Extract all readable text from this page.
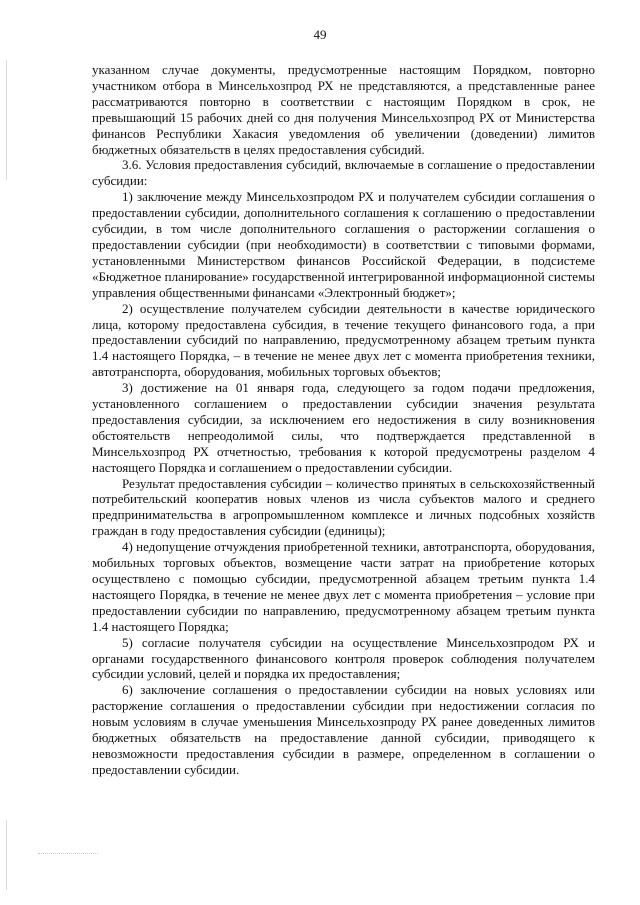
49

указанном случае документы, предусмотренные настоящим Порядком, повторно участником отбора в Минсельхозпрод РХ не представляются, а представленные ранее рассматриваются повторно в соответствии с настоящим Порядком в срок, не превышающий 15 рабочих дней со дня получения Минсельхозпрод РХ от Министерства финансов Республики Хакасия уведомления об увеличении (доведении) лимитов бюджетных обязательств в целях предоставления субсидий.

3.6. Условия предоставления субсидий, включаемые в соглашение о предоставлении субсидии:

1) заключение между Минсельхозпродом РХ и получателем субсидии соглашения о предоставлении субсидии, дополнительного соглашения к соглашению о предоставлении субсидии, в том числе дополнительного соглашения о расторжении соглашения о предоставлении субсидии (при необходимости) в соответствии с типовыми формами, установленными Министерством финансов Российской Федерации, в подсистеме «Бюджетное планирование» государственной интегрированной информационной системы управления общественными финансами «Электронный бюджет»;

2) осуществление получателем субсидии деятельности в качестве юридического лица, которому предоставлена субсидия, в течение текущего финансового года, а при предоставлении субсидий по направлению, предусмотренному абзацем третьим пункта 1.4 настоящего Порядка, – в течение не менее двух лет с момента приобретения техники, автотранспорта, оборудования, мобильных торговых объектов;

3) достижение на 01 января года, следующего за годом подачи предложения, установленного соглашением о предоставлении субсидии значения результата предоставления субсидии, за исключением его недостижения в силу возникновения обстоятельств непреодолимой силы, что подтверждается представленной в Минсельхозпрод РХ отчетностью, требования к которой предусмотрены разделом 4 настоящего Порядка и соглашением о предоставлении субсидии.

Результат предоставления субсидии – количество принятых в сельскохозяйственный потребительский кооператив новых членов из числа субъектов малого и среднего предпринимательства в агропромышленном комплексе и личных подсобных хозяйств граждан в году предоставления субсидии (единицы);

4) недопущение отчуждения приобретенной техники, автотранспорта, оборудования, мобильных торговых объектов, возмещение части затрат на приобретение которых осуществлено с помощью субсидии, предусмотренной абзацем третьим пункта 1.4 настоящего Порядка, в течение не менее двух лет с момента приобретения – условие при предоставлении субсидии по направлению, предусмотренному абзацем третьим пункта 1.4 настоящего Порядка;

5) согласие получателя субсидии на осуществление Минсельхозпродом РХ и органами государственного финансового контроля проверок соблюдения получателем субсидии условий, целей и порядка их предоставления;

6) заключение соглашения о предоставлении субсидии на новых условиях или расторжение соглашения о предоставлении субсидии при недостижении согласия по новым условиям в случае уменьшения Минсельхозпроду РХ ранее доведенных лимитов бюджетных обязательств на предоставление данной субсидии, приводящего к невозможности предоставления субсидии в размере, определенном в соглашении о предоставлении субсидии.
